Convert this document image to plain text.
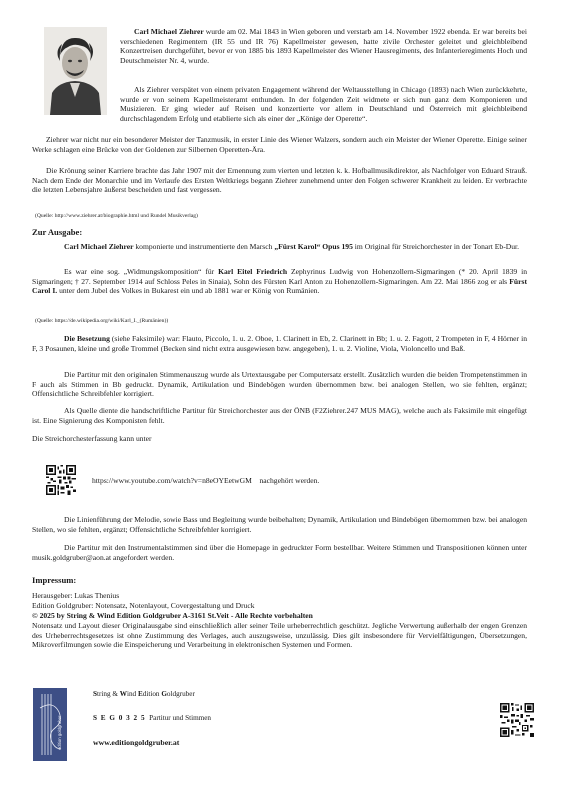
Carl Michael Ziehrer wurde am 02. Mai 1843 in Wien geboren und verstarb am 14. November 1922 ebenda. Er war bereits bei verschiedenen Regimentern (IR 55 und IR 76) Kapellmeister gewesen, hatte zivile Orchester geleitet und gleichbleibend Konzertreisen durchgeführt, bevor er von 1885 bis 1893 Kapellmeister des Wiener Hausregiments, des Infanterieregiments Hoch und Deutschmeister Nr. 4, wurde.

Als Ziehrer verspätet von einem privaten Engagement während der Weltausstellung in Chicago (1893) nach Wien zurückkehrte, wurde er von seinem Kapellmeisteramt enthunden. In der folgenden Zeit widmete er sich nun ganz dem Komponieren und Musizieren. Er ging wieder auf Reisen und konzertierte vor allem in Deutschland und Österreich mit gleichbleibend durchschlagendem Erfolg und etablierte sich als einer der „Könige der Operette“.

Ziehrer war nicht nur ein besonderer Meister der Tanzmusik, in erster Linie des Wiener Walzers, sondern auch ein Meister der Wiener Operette. Einige seiner Werke schlagen eine Brücke von der Goldenen zur Silbernen Operetten-Ära.

Die Krönung seiner Karriere brachte das Jahr 1907 mit der Ernennung zum vierten und letzten k. k. Hofballmusikdirektor, als Nachfolger von Eduard Strauß. Nach dem Ende der Monarchie und im Verlaufe des Ersten Weltkriegs begann Ziehrer zunehmend unter den Folgen schwerer Krankheit zu leiden. Er verbrachte die letzten Lebensjahre äußerst bescheiden und fast vergessen.

(Quelle: http://www.ziehrer.at/biographie.html und Rundel Musikverlag)

Zur Ausgabe:

Carl Michael Ziehrer komponierte und instrumentierte den Marsch „Fürst Karol“ Opus 195 im Original für Streichorchester in der Tonart Eb-Dur.

Es war eine sog. „Widmungskomposition“ für Karl Eitel Friedrich Zephyrinus Ludwig von Hohenzollern-Sigmaringen (* 20. April 1839 in Sigmaringen; † 27. September 1914 auf Schloss Peles in Sinaia), Sohn des Fürsten Karl Anton zu Hohenzollern-Sigmaringen. Am 22. Mai 1866 zog er als Fürst Carol I. unter dem Jubel des Volkes in Bukarest ein und ab 1881 war er König von Rumänien.

(Quelle: https://de.wikipedia.org/wiki/Karl_I._(Rumänien))

Die Besetzung (siehe Faksimile) war: Flauto, Piccolo, 1. u. 2. Oboe, 1. Clarinett in Eb, 2. Clarinett in Bb; 1. u. 2. Fagott, 2 Trompeten in F, 4 Hörner in F, 3 Posaunen, kleine und große Trommel (Becken sind nicht extra ausgewiesen bzw. angegeben), 1. u. 2. Violine, Viola, Violoncello und Baß.

Die Partitur mit den originalen Stimmenauszug wurde als Urtextausgabe per Computersatz erstellt. Zusätzlich wurden die beiden Trompetenstimmen in F auch als Stimmen in Bb gedruckt. Dynamik, Artikulation und Bindebögen wurden übernommen bzw. bei analogen Stellen, wo sie fehlten, ergänzt; Offensichtliche Schreibfehler korrigiert.

Als Quelle diente die handschriftliche Partitur für Streichorchester aus der ÖNB (F2Ziehrer.247 MUS MAG), welche auch als Faksimile mit eingefügt ist. Eine Signierung des Komponisten fehlt.

Die Streichorchesterfassung kann unter

https://www.youtube.com/watch?v=n8eOYEetwGM nachgehört werden.

Die Linienführung der Melodie, sowie Bass und Begleitung wurde beibehalten; Dynamik, Artikulation und Bindebögen übernommen bzw. bei analogen Stellen, wo sie fehlten, ergänzt; Offensichtliche Schreibfehler korrigiert.

Die Partitur mit den Instrumentalstimmen sind über die Homepage in gedruckter Form bestellbar. Weitere Stimmen und Transpositionen können unter musik.goldgruber@aon.at angefordert werden.

Impressum:

Herausgeber: Lukas Thenius

Edition Goldgruber: Notensatz, Notenlayout, Covergestaltung und Druck

© 2025 by String & Wind Edition Goldgruber A-3161 St.Veit - Alle Rechte vorbehalten

Notensatz und Layout dieser Originalausgabe sind einschließlich aller seiner Teile urheberrechtlich geschützt. Jegliche Verwertung außerhalb der engen Grenzen des Urheberrechtsgesetzes ist ohne Zustimmung des Verlages, auch auszugsweise, unzulässig. Dies gilt insbesondere für Vervielfältigungen, Übersetzungen, Mikroverfilmungen sowie die Einspeicherung und Verarbeitung in elektronischen Systemen und Formen.

edition goldgruber
String & Wind Edition Goldgruber
S E G 0 3 2 5 Partitur und Stimmen
www.editiongoldgruber.at
